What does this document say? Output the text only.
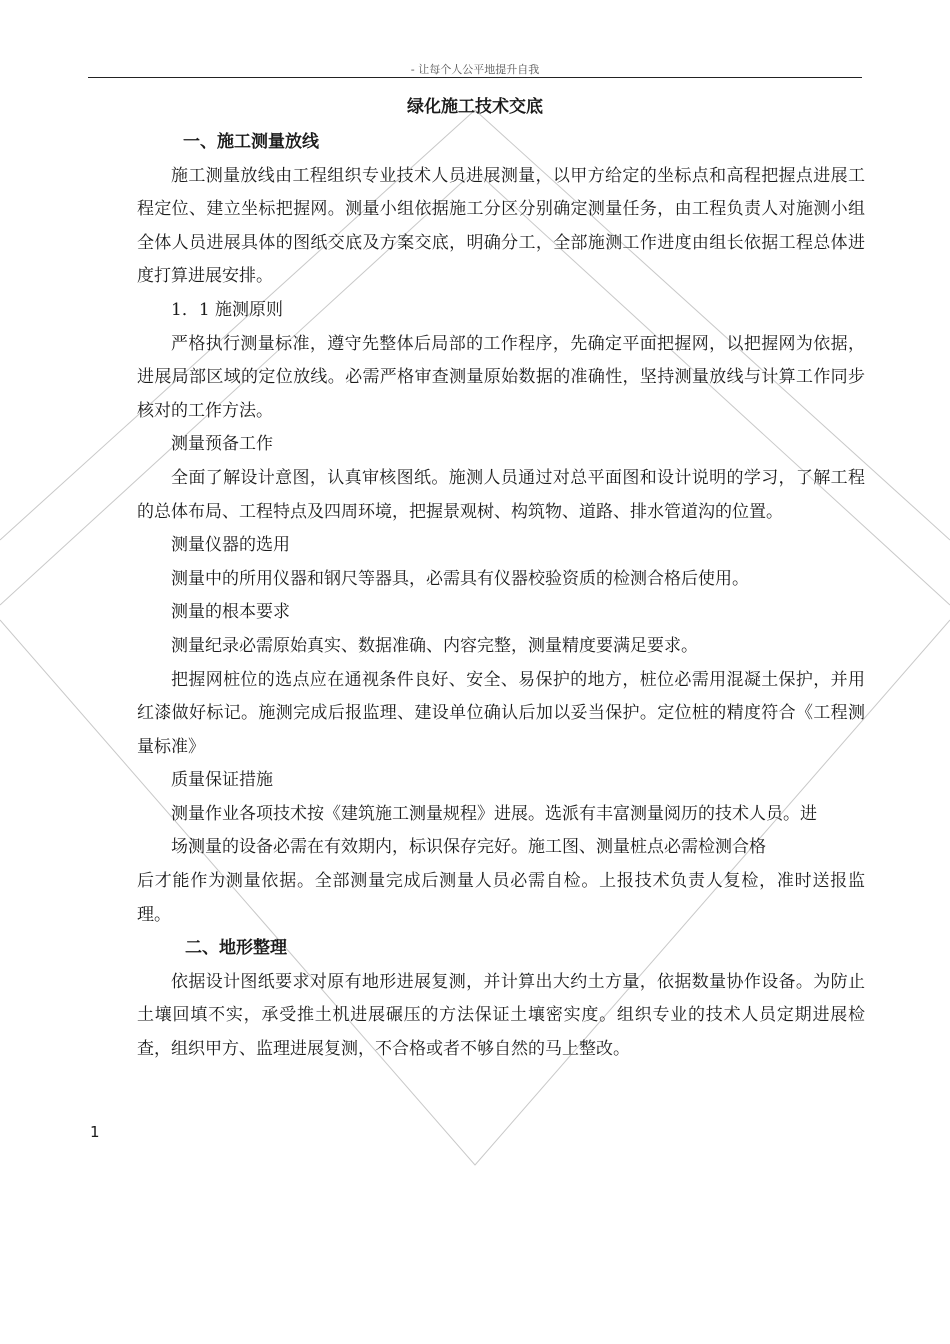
- 让每个人公平地提升自我
绿化施工技术交底
一、施工测量放线

施工测量放线由工程组织专业技术人员进展测量，以甲方给定的坐标点和高程把握点进展工程定位、建立坐标把握网。测量小组依据施工分区分别确定测量任务，由工程负责人对施测小组全体人员进展具体的图纸交底及方案交底，明确分工，全部施测工作进度由组长依据工程总体进度打算进展安排。

1．1 施测原则

严格执行测量标准，遵守先整体后局部的工作程序，先确定平面把握网，以把握网为依据，进展局部区域的定位放线。必需严格审查测量原始数据的准确性，坚持测量放线与计算工作同步核对的工作方法。

测量预备工作

全面了解设计意图，认真审核图纸。施测人员通过对总平面图和设计说明的学习，了解工程的总体布局、工程特点及四周环境，把握景观树、构筑物、道路、排水管道沟的位置。

测量仪器的选用

测量中的所用仪器和钢尺等器具，必需具有仪器校验资质的检测合格后使用。

测量的根本要求

测量纪录必需原始真实、数据准确、内容完整，测量精度要满足要求。

把握网桩位的选点应在通视条件良好、安全、易保护的地方，桩位必需用混凝土保护，并用红漆做好标记。施测完成后报监理、建设单位确认后加以妥当保护。定位桩的精度符合《工程测量标准》

质量保证措施

测量作业各项技术按《建筑施工测量规程》进展。选派有丰富测量阅历的技术人员。进

场测量的设备必需在有效期内，标识保存完好。施工图、测量桩点必需检测合格

后才能作为测量依据。全部测量完成后测量人员必需自检。上报技术负责人复检，准时送报监理。

二、地形整理

依据设计图纸要求对原有地形进展复测，并计算出大约土方量，依据数量协作设备。为防止土壤回填不实，承受推土机进展碾压的方法保证土壤密实度。组织专业的技术人员定期进展检查，组织甲方、监理进展复测，不合格或者不够自然的马上整改。

1
